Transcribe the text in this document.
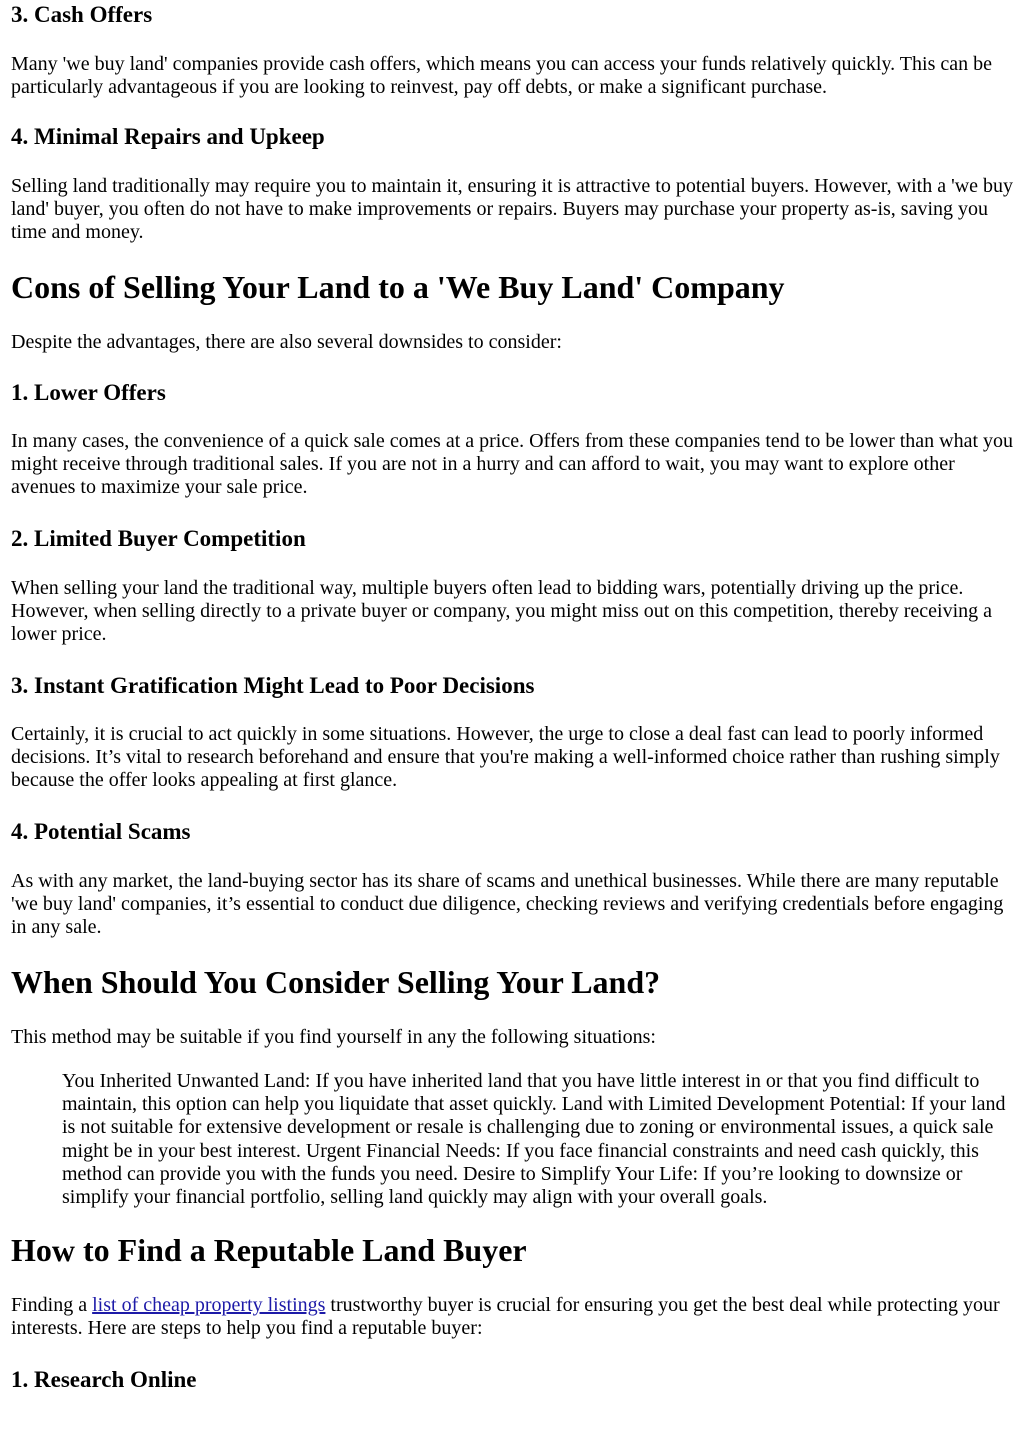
3. Cash Offers

Many 'we buy land' companies provide cash offers, which means you can access your funds relatively quickly. This can be particularly advantageous if you are looking to reinvest, pay off debts, or make a significant purchase.

4. Minimal Repairs and Upkeep

Selling land traditionally may require you to maintain it, ensuring it is attractive to potential buyers. However, with a 'we buy land' buyer, you often do not have to make improvements or repairs. Buyers may purchase your property as-is, saving you time and money.

Cons of Selling Your Land to a 'We Buy Land' Company

Despite the advantages, there are also several downsides to consider:

1. Lower Offers

In many cases, the convenience of a quick sale comes at a price. Offers from these companies tend to be lower than what you might receive through traditional sales. If you are not in a hurry and can afford to wait, you may want to explore other avenues to maximize your sale price.

2. Limited Buyer Competition

When selling your land the traditional way, multiple buyers often lead to bidding wars, potentially driving up the price. However, when selling directly to a private buyer or company, you might miss out on this competition, thereby receiving a lower price.

3. Instant Gratification Might Lead to Poor Decisions

Certainly, it is crucial to act quickly in some situations. However, the urge to close a deal fast can lead to poorly informed decisions. It’s vital to research beforehand and ensure that you're making a well-informed choice rather than rushing simply because the offer looks appealing at first glance.

4. Potential Scams

As with any market, the land-buying sector has its share of scams and unethical businesses. While there are many reputable 'we buy land' companies, it’s essential to conduct due diligence, checking reviews and verifying credentials before engaging in any sale.

When Should You Consider Selling Your Land?

This method may be suitable if you find yourself in any the following situations:

You Inherited Unwanted Land: If you have inherited land that you have little interest in or that you find difficult to maintain, this option can help you liquidate that asset quickly. Land with Limited Development Potential: If your land is not suitable for extensive development or resale is challenging due to zoning or environmental issues, a quick sale might be in your best interest. Urgent Financial Needs: If you face financial constraints and need cash quickly, this method can provide you with the funds you need. Desire to Simplify Your Life: If you’re looking to downsize or simplify your financial portfolio, selling land quickly may align with your overall goals.

How to Find a Reputable Land Buyer

Finding a list of cheap property listings trustworthy buyer is crucial for ensuring you get the best deal while protecting your interests. Here are steps to help you find a reputable buyer:

1. Research Online
